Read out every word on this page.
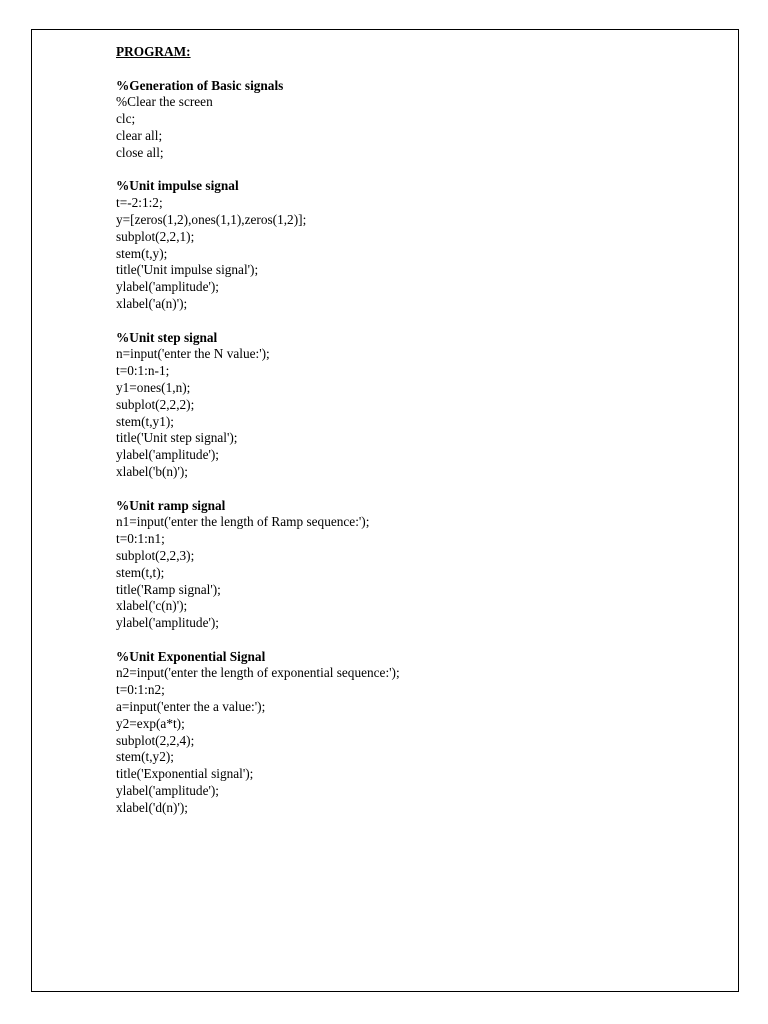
PROGRAM:

%Generation of Basic signals

%Clear the screen

clc;

clear all;

close all;

%Unit impulse signal

t=-2:1:2;

y=[zeros(1,2),ones(1,1),zeros(1,2)];

subplot(2,2,1);

stem(t,y);

title('Unit impulse signal');

ylabel('amplitude');

xlabel('a(n)');

%Unit step signal

n=input('enter the N value:');

t=0:1:n-1;

y1=ones(1,n);

subplot(2,2,2);

stem(t,y1);

title('Unit step signal');

ylabel('amplitude');

xlabel('b(n)');

%Unit ramp signal

n1=input('enter the length of Ramp sequence:');

t=0:1:n1;

subplot(2,2,3);

stem(t,t);

title('Ramp signal');

xlabel('c(n)');

ylabel('amplitude');

%Unit Exponential Signal

n2=input('enter the length of exponential sequence:');

t=0:1:n2;

a=input('enter the a value:');

y2=exp(a*t);

subplot(2,2,4);

stem(t,y2);

title('Exponential signal');

ylabel('amplitude');

xlabel('d(n)');
